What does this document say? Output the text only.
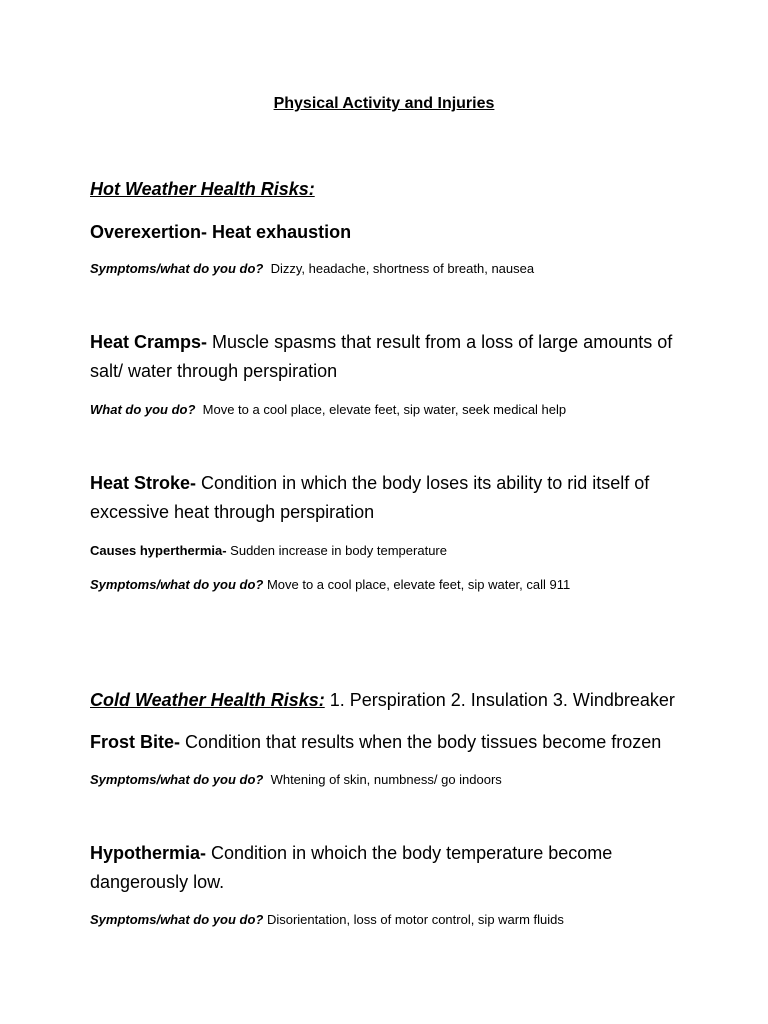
Physical Activity and Injuries
Hot Weather Health Risks:
Overexertion- Heat exhaustion
Symptoms/what do you do?  Dizzy, headache, shortness of breath, nausea
Heat Cramps- Muscle spasms that result from a loss of large amounts of salt/ water through perspiration
What do you do?  Move to a cool place, elevate feet, sip water, seek medical help
Heat Stroke- Condition in which the body loses its ability to rid itself of excessive heat through perspiration
Causes hyperthermia- Sudden increase in body temperature
Symptoms/what do you do? Move to a cool place, elevate feet, sip water, call 911
Cold Weather Health Risks: 1. Perspiration 2. Insulation 3. Windbreaker
Frost Bite- Condition that results when the body tissues become frozen
Symptoms/what do you do?  Whtening of skin, numbness/ go indoors
Hypothermia- Condition in whoich the body temperature become dangerously low.
Symptoms/what do you do? Disorientation, loss of motor control, sip warm fluids
